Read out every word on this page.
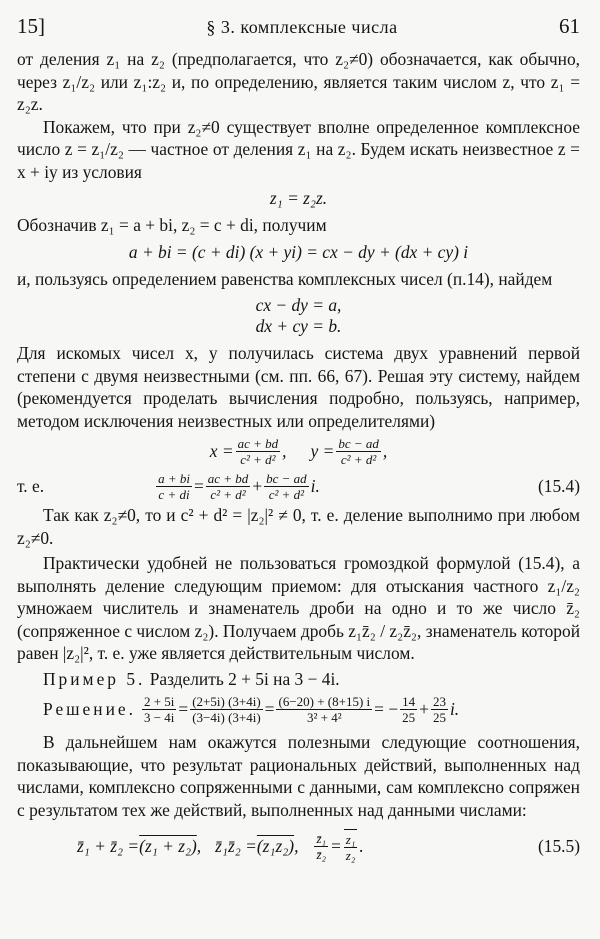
15]	§ 3. комплексные числа	61

от деления z₁ на z₂ (предполагается, что z₂≠0) обозначается, как обычно, через z₁/z₂ или z₁:z₂ и, по определению, является таким числом z, что z₁ = z₂z.

Покажем, что при z₂≠0 существует вполне определенное комплексное число z = z₁/z₂ — частное от деления z₁ на z₂. Будем искать неизвестное z = x + iy из условия

z₁ = z₂z.

Обозначив z₁ = a + bi, z₂ = c + di, получим

a + bi = (c + di) (x + yi) = cx − dy + (dx + cy) i

и, пользуясь определением равенства комплексных чисел (п.14), найдем

cx − dy = a,
dx + cy = b.

Для искомых чисел x, y получилась система двух уравнений первой степени с двумя неизвестными (см. пп. 66, 67). Решая эту систему, найдем (рекомендуется проделать вычисления подробно, пользуясь, например, методом исключения неизвестных или определителями)

$x = \frac{ac + bd}{\text{c² + d²}}$ , $y = \frac{bc - ad}{\text{c² + d²}}$ ,
т. е.	$\frac{a + bi}{c + di} = \frac{ac + bd}{\text{c² + d²}} + \frac{bc - ad}{\text{c² + d²}} i$.	(15.4)

Так как z₂≠0, то и c² + d² = |z₂|² ≠ 0, т. е. деление выполнимо при любом z₂≠0.

Практически удобней не пользоваться громоздкой формулой (15.4), а выполнять деление следующим приемом: для отыскания частного z₁/z₂ умножаем числитель и знаменатель дроби на одно и то же число z̄₂ (сопряженное с числом z₂). Получаем дробь z₁z̄₂ / z₂z̄₂, знаменатель которой равен |z₂|², т. е. уже является действительным числом.

Пример 5. Разделить 2 + 5i на 3 − 4i.

Решение. $\frac{2 + 5i}{3 - 4i} = \frac{(2+5i) (3+4i)}{(3-4i) (3+4i)} = \frac{(6-20) + (8+15) i}{\text{3² + 4²}}$ = − $\frac{14}{25} + \frac{23}{25} i$.

В дальнейшем нам окажутся полезными следующие соотношения, показывающие, что результат рациональных действий, выполненных над числами, комплексно сопряженными с данными, сам комплексно сопряжен с результатом тех же действий, выполненных над данными числами:

z̄₁ + z̄₂ = (z₁ + z₂) , z̄₁z̄₂ = (z₁z₂) , $\frac{\text{z̄₁}}{\text{z̄₂}} = \frac{\text{z₁}}{\text{z₂}}$ .	(15.5)
